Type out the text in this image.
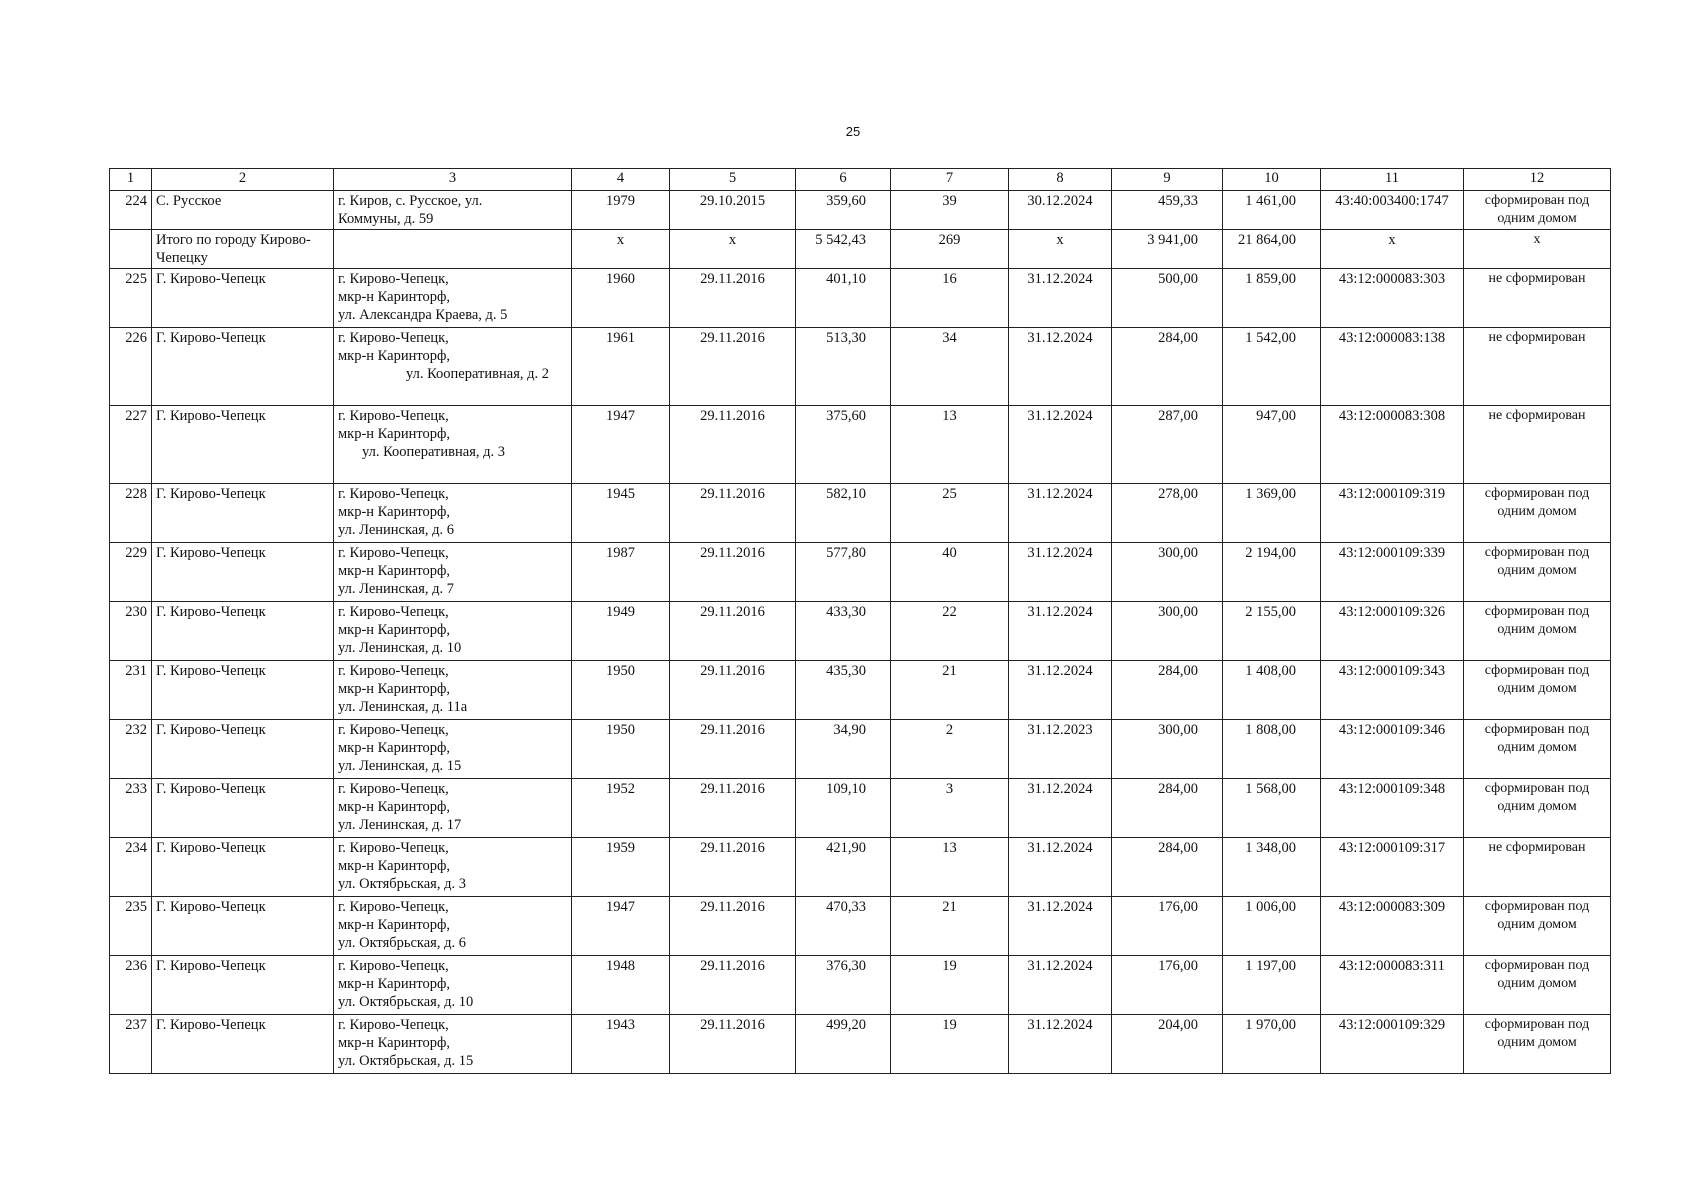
25
1	2	3	4	5	6	7	8	9	10	11	12
224	С. Русское	г. Киров, с. Русское, ул.
Коммуны, д. 59	1979	29.10.2015	359,60	39	30.12.2024	459,33	1 461,00	43:40:003400:1747	сформирован под одним домом
	Итого по городу Кирово-Чепецку		х	х	5 542,43	269	х	3 941,00	21 864,00	х	х
225	Г. Кирово-Чепецк	г. Кирово-Чепецк,
мкр-н Каринторф,
ул. Александра Краева, д. 5	1960	29.11.2016	401,10	16	31.12.2024	500,00	1 859,00	43:12:000083:303	не сформирован
226	Г. Кирово-Чепецк	г. Кирово-Чепецк,
мкр-н Каринторф,
ул. Кооперативная, д. 2	1961	29.11.2016	513,30	34	31.12.2024	284,00	1 542,00	43:12:000083:138	не сформирован
227	Г. Кирово-Чепецк	г. Кирово-Чепецк,
мкр-н Каринторф,
ул. Кооперативная, д. 3	1947	29.11.2016	375,60	13	31.12.2024	287,00	947,00	43:12:000083:308	не сформирован
228	Г. Кирово-Чепецк	г. Кирово-Чепецк,
мкр-н Каринторф,
ул. Ленинская, д. 6	1945	29.11.2016	582,10	25	31.12.2024	278,00	1 369,00	43:12:000109:319	сформирован под одним домом
229	Г. Кирово-Чепецк	г. Кирово-Чепецк,
мкр-н Каринторф,
ул. Ленинская, д. 7	1987	29.11.2016	577,80	40	31.12.2024	300,00	2 194,00	43:12:000109:339	сформирован под одним домом
230	Г. Кирово-Чепецк	г. Кирово-Чепецк,
мкр-н Каринторф,
ул. Ленинская, д. 10	1949	29.11.2016	433,30	22	31.12.2024	300,00	2 155,00	43:12:000109:326	сформирован под одним домом
231	Г. Кирово-Чепецк	г. Кирово-Чепецк,
мкр-н Каринторф,
ул. Ленинская, д. 11а	1950	29.11.2016	435,30	21	31.12.2024	284,00	1 408,00	43:12:000109:343	сформирован под одним домом
232	Г. Кирово-Чепецк	г. Кирово-Чепецк,
мкр-н Каринторф,
ул. Ленинская, д. 15	1950	29.11.2016	34,90	2	31.12.2023	300,00	1 808,00	43:12:000109:346	сформирован под одним домом
233	Г. Кирово-Чепецк	г. Кирово-Чепецк,
мкр-н Каринторф,
ул. Ленинская, д. 17	1952	29.11.2016	109,10	3	31.12.2024	284,00	1 568,00	43:12:000109:348	сформирован под одним домом
234	Г. Кирово-Чепецк	г. Кирово-Чепецк,
мкр-н Каринторф,
ул. Октябрьская, д. 3	1959	29.11.2016	421,90	13	31.12.2024	284,00	1 348,00	43:12:000109:317	не сформирован
235	Г. Кирово-Чепецк	г. Кирово-Чепецк,
мкр-н Каринторф,
ул. Октябрьская, д. 6	1947	29.11.2016	470,33	21	31.12.2024	176,00	1 006,00	43:12:000083:309	сформирован под одним домом
236	Г. Кирово-Чепецк	г. Кирово-Чепецк,
мкр-н Каринторф,
ул. Октябрьская, д. 10	1948	29.11.2016	376,30	19	31.12.2024	176,00	1 197,00	43:12:000083:311	сформирован под одним домом
237	Г. Кирово-Чепецк	г. Кирово-Чепецк,
мкр-н Каринторф,
ул. Октябрьская, д. 15	1943	29.11.2016	499,20	19	31.12.2024	204,00	1 970,00	43:12:000109:329	сформирован под одним домом
